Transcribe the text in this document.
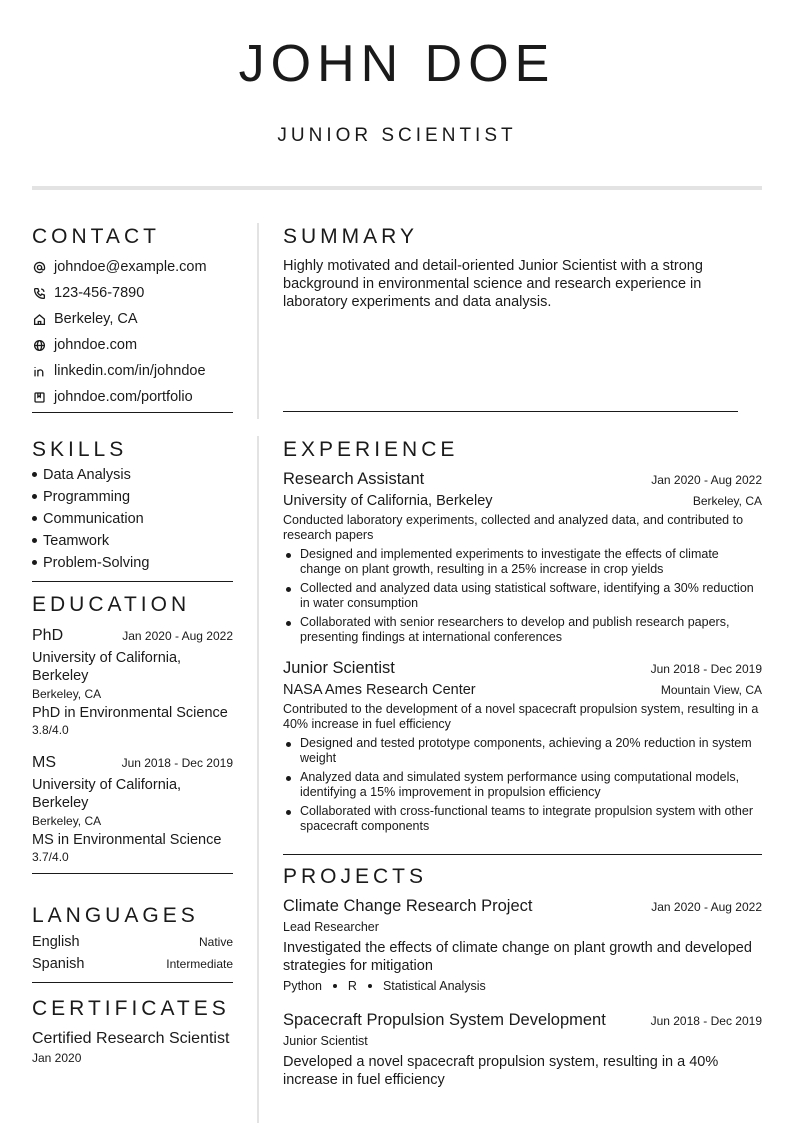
JOHN DOE
JUNIOR SCIENTIST
CONTACT
johndoe@example.com
123-456-7890
Berkeley, CA
johndoe.com
linkedin.com/in/johndoe
johndoe.com/portfolio
SUMMARY
Highly motivated and detail-oriented Junior Scientist with a strong background in environmental science and research experience in laboratory experiments and data analysis.
SKILLS
Data Analysis
Programming
Communication
Teamwork
Problem-Solving
EDUCATION
PhD	Jan 2020 - Aug 2022
University of California, Berkeley
Berkeley, CA
PhD in Environmental Science
3.8/4.0
MS	Jun 2018 - Dec 2019
University of California, Berkeley
Berkeley, CA
MS in Environmental Science
3.7/4.0
LANGUAGES
English	Native
Spanish	Intermediate
CERTIFICATES
Certified Research Scientist
Jan 2020
EXPERIENCE
Research Assistant	Jan 2020 - Aug 2022
University of California, Berkeley	Berkeley, CA
Conducted laboratory experiments, collected and analyzed data, and contributed to research papers
Designed and implemented experiments to investigate the effects of climate change on plant growth, resulting in a 25% increase in crop yields
Collected and analyzed data using statistical software, identifying a 30% reduction in water consumption
Collaborated with senior researchers to develop and publish research papers, presenting findings at international conferences
Junior Scientist	Jun 2018 - Dec 2019
NASA Ames Research Center	Mountain View, CA
Contributed to the development of a novel spacecraft propulsion system, resulting in a 40% increase in fuel efficiency
Designed and tested prototype components, achieving a 20% reduction in system weight
Analyzed data and simulated system performance using computational models, identifying a 15% improvement in propulsion efficiency
Collaborated with cross-functional teams to integrate propulsion system with other spacecraft components
PROJECTS
Climate Change Research Project	Jan 2020 - Aug 2022
Lead Researcher
Investigated the effects of climate change on plant growth and developed strategies for mitigation
Python R Statistical Analysis
Spacecraft Propulsion System Development	Jun 2018 - Dec 2019
Junior Scientist
Developed a novel spacecraft propulsion system, resulting in a 40% increase in fuel efficiency
